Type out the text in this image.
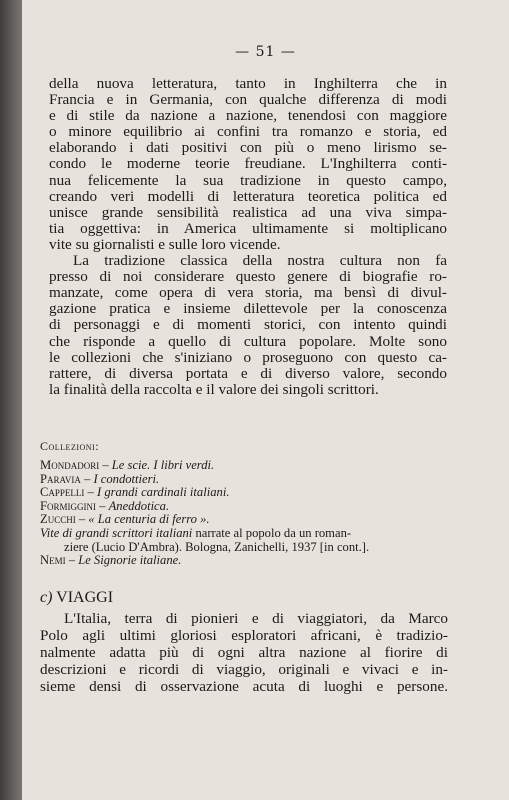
— 51 —
della nuova letteratura, tanto in Inghilterra che in
Francia e in Germania, con qualche differenza di modi
e di stile da nazione a nazione, tenendosi con maggiore
o minore equilibrio ai confini tra romanzo e storia, ed
elaborando i dati positivi con più o meno lirismo se-
condo le moderne teorie freudiane. L'Inghilterra conti-
nua felicemente la sua tradizione in questo campo,
creando veri modelli di letteratura teoretica politica ed
unisce grande sensibilità realistica ad una viva simpa-
tia oggettiva: in America ultimamente si moltiplicano
vite su giornalisti e sulle loro vicende.
La tradizione classica della nostra cultura non fa
presso di noi considerare questo genere di biografie ro-
manzate, come opera di vera storia, ma bensì di divul-
gazione pratica e insieme dilettevole per la conoscenza
di personaggi e di momenti storici, con intento quindi
che risponde a quello di cultura popolare. Molte sono
le collezioni che s'iniziano o proseguono con questo ca-
rattere, di diversa portata e di diverso valore, secondo
la finalità della raccolta e il valore dei singoli scrittori.
Collezioni:
Mondadori – Le scie. I libri verdi.
Paravia – I condottieri.
Cappelli – I grandi cardinali italiani.
Formiggini – Aneddotica.
Zucchi – « La centuria di ferro ».
Vite di grandi scrittori italiani narrate al popolo da un roman-
ziere (Lucio D'Ambra). Bologna, Zanichelli, 1937 [in cont.].
Nemi – Le Signorie italiane.
c) VIAGGI
L'Italia, terra di pionieri e di viaggiatori, da Marco
Polo agli ultimi gloriosi esploratori africani, è tradizio-
nalmente adatta più di ogni altra nazione al fiorire di
descrizioni e ricordi di viaggio, originali e vivaci e in-
sieme densi di osservazione acuta di luoghi e persone.
